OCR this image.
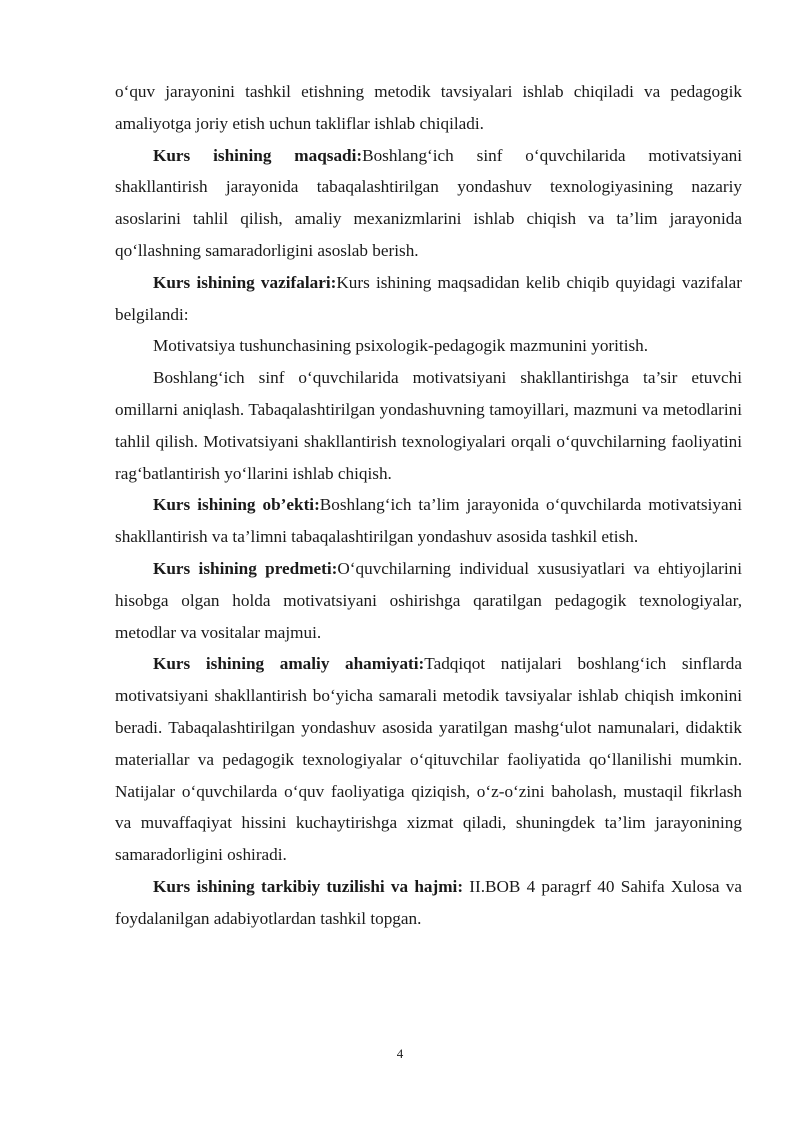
o‘quv jarayonini tashkil etishning metodik tavsiyalari ishlab chiqiladi va pedagogik amaliyotga joriy etish uchun takliflar ishlab chiqiladi.

Kurs ishining maqsadi:Boshlang‘ich sinf o‘quvchilarida motivatsiyani shakllantirish jarayonida tabaqalashtirilgan yondashuv texnologiyasining nazariy asoslarini tahlil qilish, amaliy mexanizmlarini ishlab chiqish va ta’lim jarayonida qo‘llashning samaradorligini asoslab berish.

Kurs ishining vazifalari:Kurs ishining maqsadidan kelib chiqib quyidagi vazifalar belgilandi:

Motivatsiya tushunchasining psixologik-pedagogik mazmunini yoritish.

Boshlang‘ich sinf o‘quvchilarida motivatsiyani shakllantirishga ta’sir etuvchi omillarni aniqlash. Tabaqalashtirilgan yondashuvning tamoyillari, mazmuni va metodlarini tahlil qilish. Motivatsiyani shakllantirish texnologiyalari orqali o‘quvchilarning faoliyatini rag‘batlantirish yo‘llarini ishlab chiqish.

Kurs ishining ob’ekti:Boshlang‘ich ta’lim jarayonida o‘quvchilarda motivatsiyani shakllantirish va ta’limni tabaqalashtirilgan yondashuv asosida tashkil etish.

Kurs ishining predmeti:O‘quvchilarning individual xususiyatlari va ehtiyojlarini hisobga olgan holda motivatsiyani oshirishga qaratilgan pedagogik texnologiyalar, metodlar va vositalar majmui.

Kurs ishining amaliy ahamiyati:Tadqiqot natijalari boshlang‘ich sinflarda motivatsiyani shakllantirish bo‘yicha samarali metodik tavsiyalar ishlab chiqish imkonini beradi. Tabaqalashtirilgan yondashuv asosida yaratilgan mashg‘ulot namunalari, didaktik materiallar va pedagogik texnologiyalar o‘qituvchilar faoliyatida qo‘llanilishi mumkin. Natijalar o‘quvchilarda o‘quv faoliyatiga qiziqish, o‘z-o‘zini baholash, mustaqil fikrlash va muvaffaqiyat hissini kuchaytirishga xizmat qiladi, shuningdek ta’lim jarayonining samaradorligini oshiradi.

Kurs ishining tarkibiy tuzilishi va hajmi: II.BOB 4 paragrf 40 Sahifa Xulosa va foydalanilgan adabiyotlardan tashkil topgan.

4
